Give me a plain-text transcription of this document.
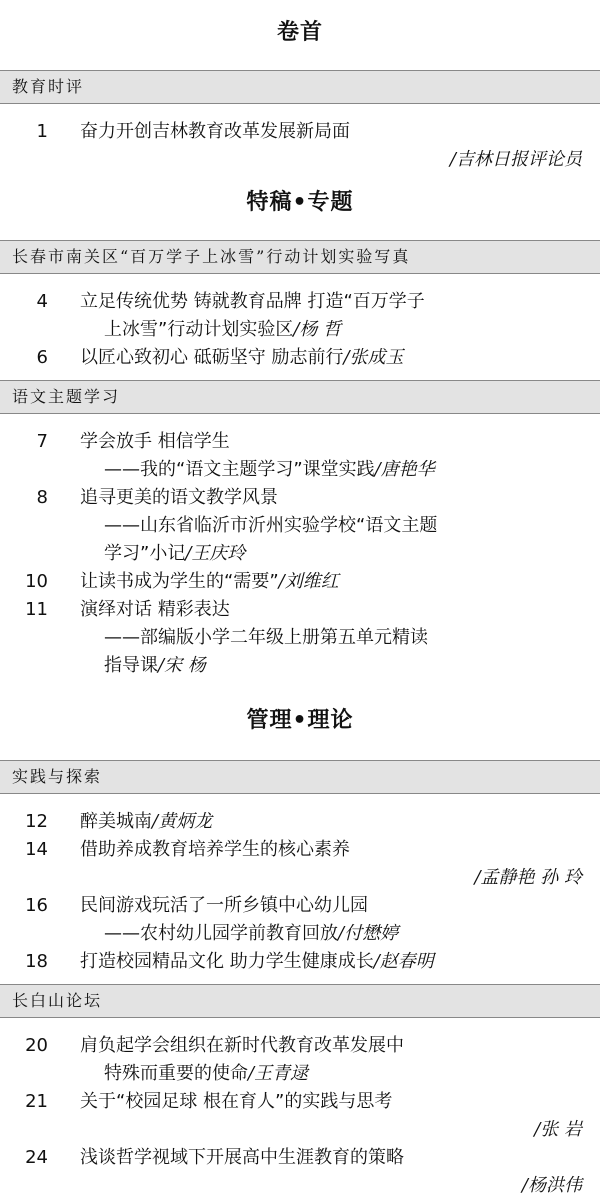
卷首
教育时评
1	奋力开创吉林教育改革发展新局面
/吉林日报评论员
特稿•专题
长春市南关区“百万学子上冰雪”行动计划实验写真
4	立足传统优势 铸就教育品牌 打造“百万学子
上冰雪”行动计划实验区/杨 哲
6	以匠心致初心 砥砺坚守 励志前行/张成玉
语文主题学习
7	学会放手 相信学生
——我的“语文主题学习”课堂实践/唐艳华
8	追寻更美的语文教学风景
——山东省临沂市沂州实验学校“语文主题
学习”小记/王庆玲
10	让读书成为学生的“需要”/刘维红
11	演绎对话 精彩表达
——部编版小学二年级上册第五单元精读
指导课/宋 杨
管理•理论
实践与探索
12	醉美城南/黄炳龙
14	借助养成教育培养学生的核心素养
/孟静艳 孙 玲
16	民间游戏玩活了一所乡镇中心幼儿园
——农村幼儿园学前教育回放/付懋婷
18	打造校园精品文化 助力学生健康成长/赵春明
长白山论坛
20	肩负起学会组织在新时代教育改革发展中
特殊而重要的使命/王青逯
21	关于“校园足球 根在育人”的实践与思考
/张 岩
24	浅谈哲学视域下开展高中生涯教育的策略
/杨洪伟
